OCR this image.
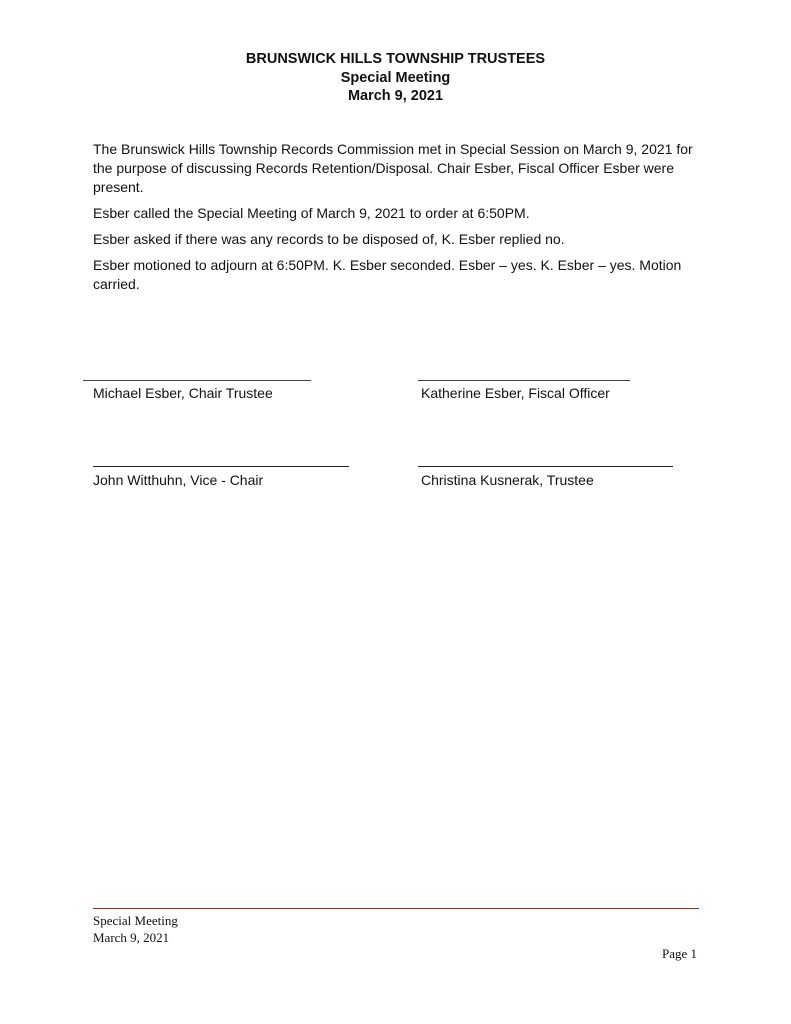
BRUNSWICK HILLS TOWNSHIP TRUSTEES
Special Meeting
March 9, 2021

The Brunswick Hills Township Records Commission met in Special Session on March 9, 2021 for the purpose of discussing Records Retention/Disposal. Chair Esber, Fiscal Officer Esber were present.

Esber called the Special Meeting of March 9, 2021 to order at 6:50PM.

Esber asked if there was any records to be disposed of, K. Esber replied no.

Esber motioned to adjourn at 6:50PM. K. Esber seconded. Esber – yes. K. Esber – yes. Motion carried.

Michael Esber, Chair Trustee	Katherine Esber, Fiscal Officer
John Witthuhn, Vice - Chair	Christina Kusnerak, Trustee
Special Meeting
March 9, 2021
Page 1
